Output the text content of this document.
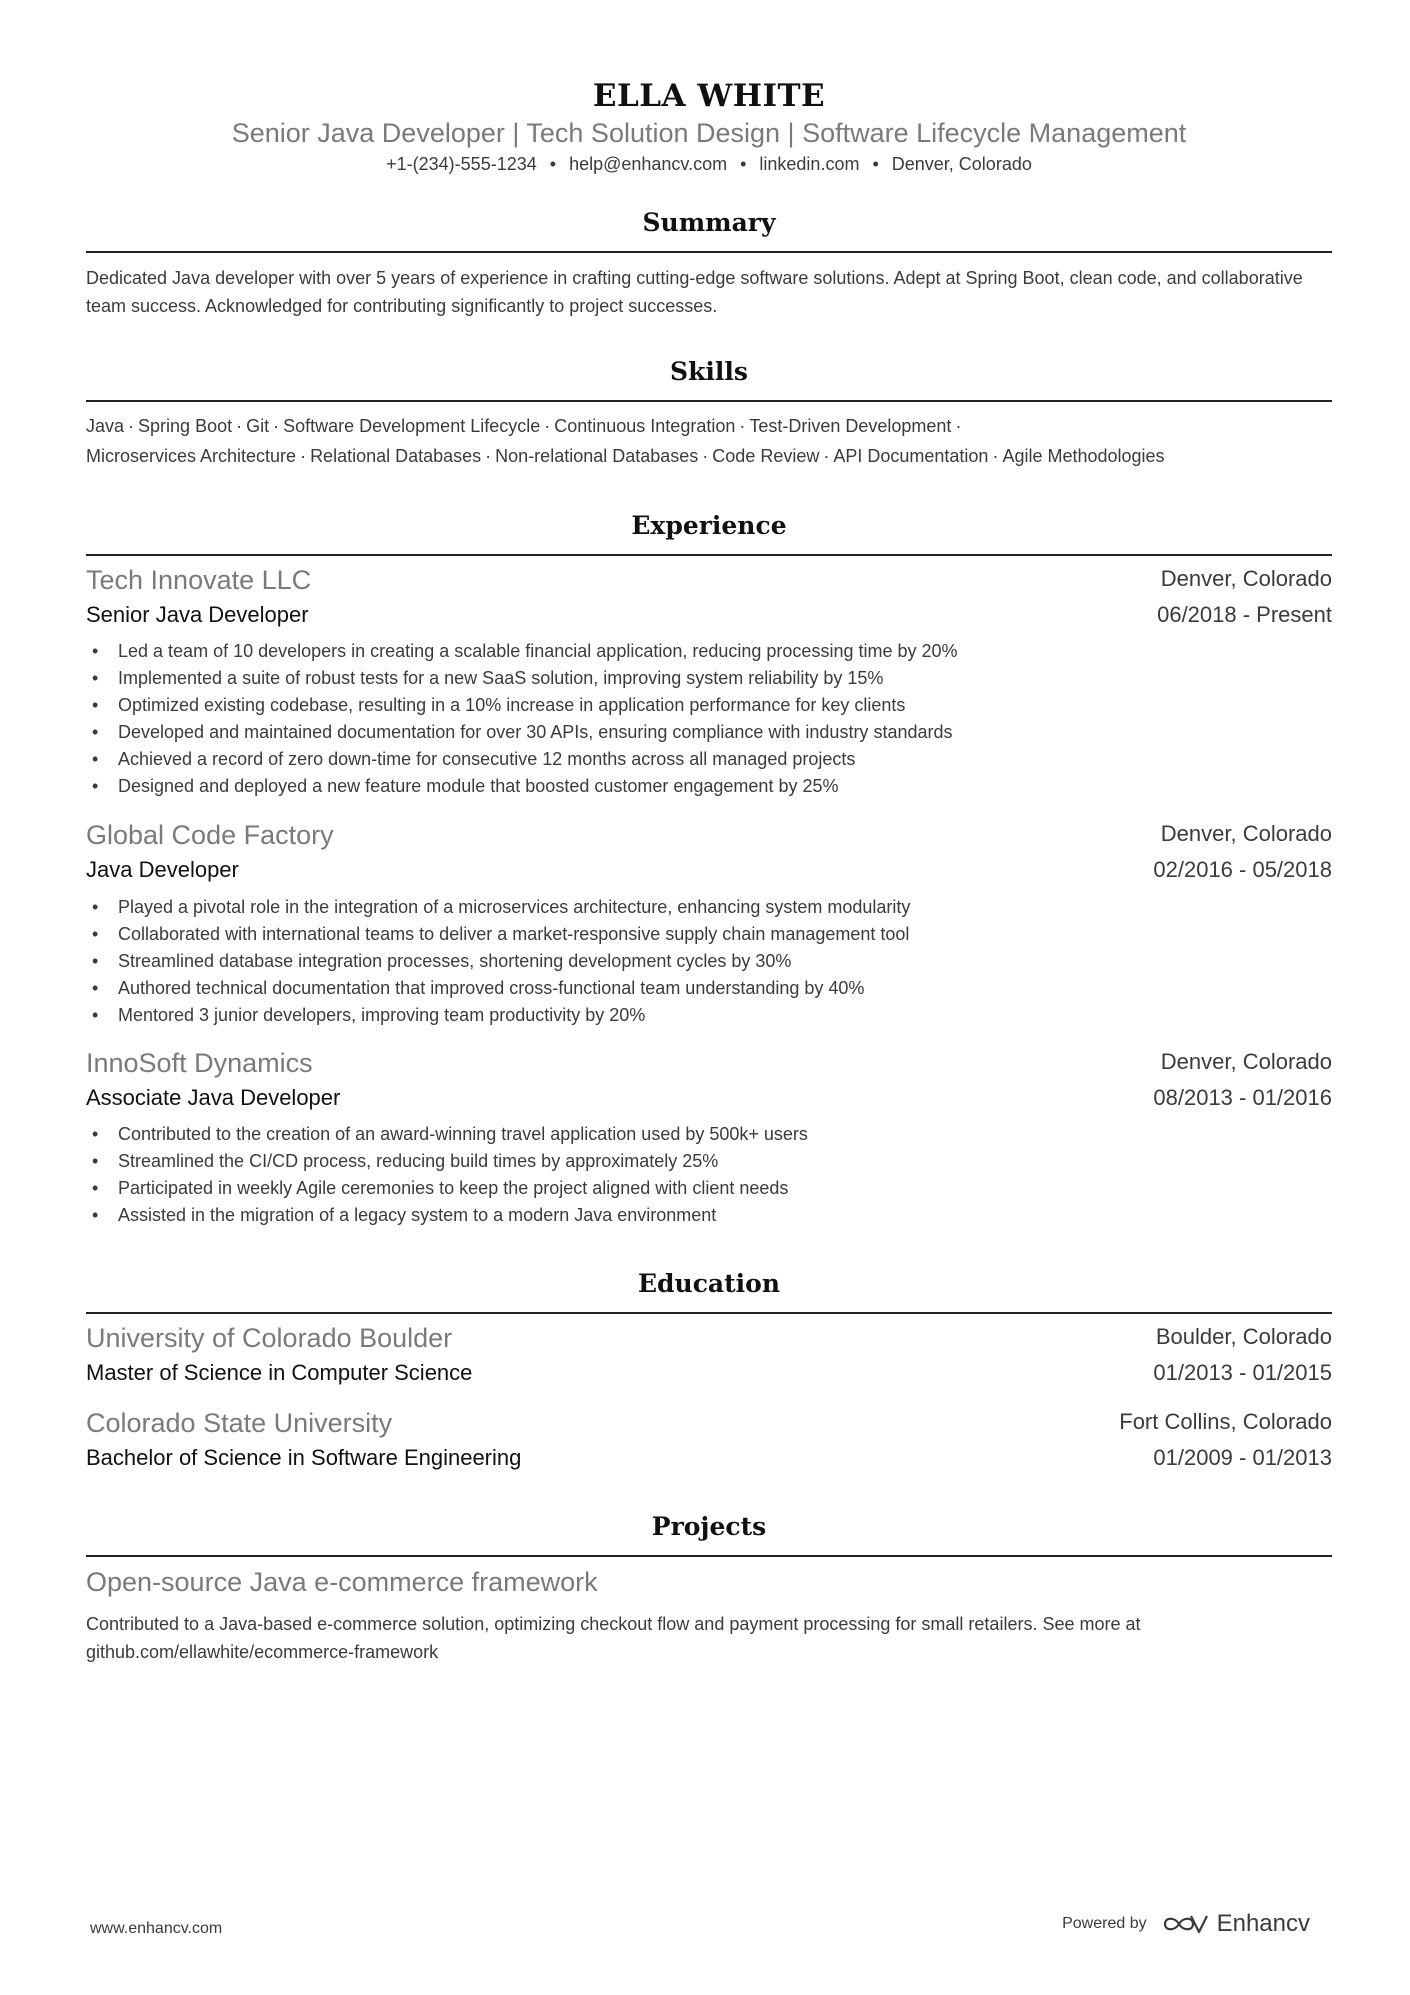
ELLA WHITE
Senior Java Developer | Tech Solution Design | Software Lifecycle Management
+1-(234)-555-1234 • help@enhancv.com • linkedin.com • Denver, Colorado
Summary
Dedicated Java developer with over 5 years of experience in crafting cutting-edge software solutions. Adept at Spring Boot, clean code, and collaborative team success. Acknowledged for contributing significantly to project successes.
Skills
Java · Spring Boot · Git · Software Development Lifecycle · Continuous Integration · Test-Driven Development ·
Microservices Architecture · Relational Databases · Non-relational Databases · Code Review · API Documentation · Agile Methodologies
Experience
Tech Innovate LLC	Denver, Colorado
Senior Java Developer	06/2018 - Present
• Led a team of 10 developers in creating a scalable financial application, reducing processing time by 20%
• Implemented a suite of robust tests for a new SaaS solution, improving system reliability by 15%
• Optimized existing codebase, resulting in a 10% increase in application performance for key clients
• Developed and maintained documentation for over 30 APIs, ensuring compliance with industry standards
• Achieved a record of zero down-time for consecutive 12 months across all managed projects
• Designed and deployed a new feature module that boosted customer engagement by 25%
Global Code Factory	Denver, Colorado
Java Developer	02/2016 - 05/2018
• Played a pivotal role in the integration of a microservices architecture, enhancing system modularity
• Collaborated with international teams to deliver a market-responsive supply chain management tool
• Streamlined database integration processes, shortening development cycles by 30%
• Authored technical documentation that improved cross-functional team understanding by 40%
• Mentored 3 junior developers, improving team productivity by 20%
InnoSoft Dynamics	Denver, Colorado
Associate Java Developer	08/2013 - 01/2016
• Contributed to the creation of an award-winning travel application used by 500k+ users
• Streamlined the CI/CD process, reducing build times by approximately 25%
• Participated in weekly Agile ceremonies to keep the project aligned with client needs
• Assisted in the migration of a legacy system to a modern Java environment
Education
University of Colorado Boulder	Boulder, Colorado
Master of Science in Computer Science	01/2013 - 01/2015
Colorado State University	Fort Collins, Colorado
Bachelor of Science in Software Engineering	01/2009 - 01/2013
Projects
Open-source Java e-commerce framework
Contributed to a Java-based e-commerce solution, optimizing checkout flow and payment processing for small retailers. See more at github.com/ellawhite/ecommerce-framework
www.enhancv.com	Powered by	Enhancv
